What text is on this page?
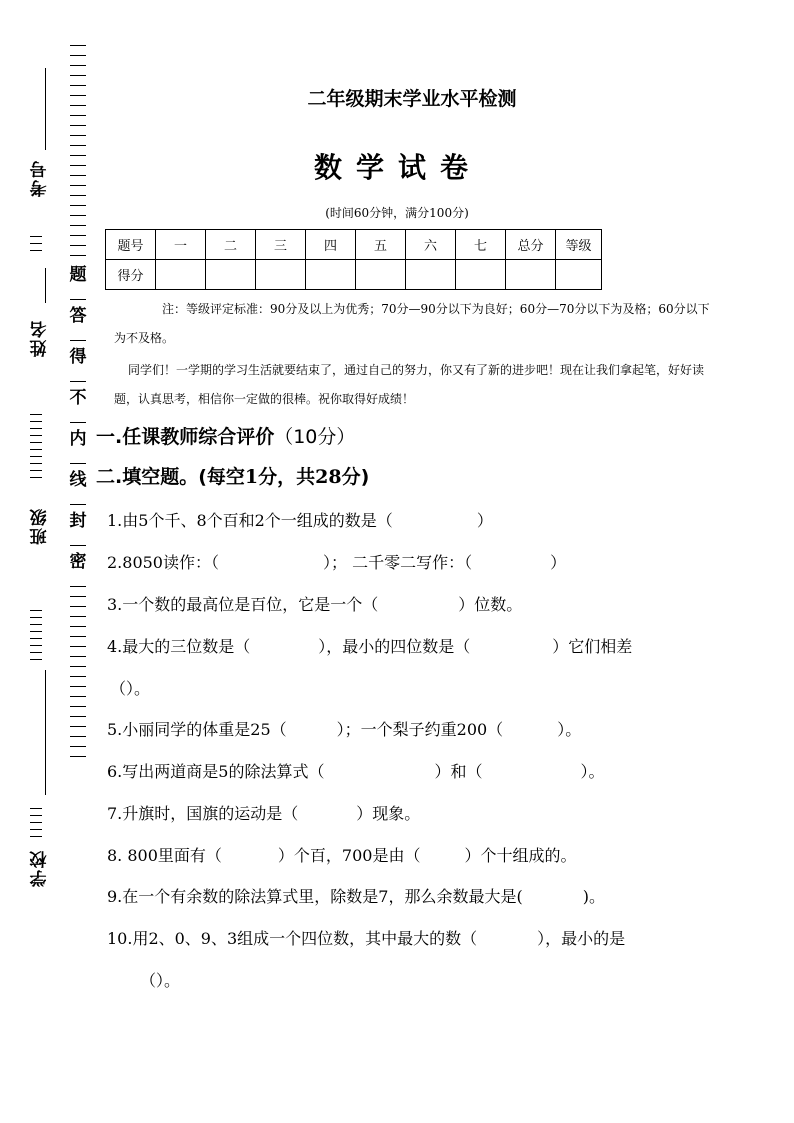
考
号
姓
名
班
级
学
校
题
答
得
不
内
线
封
密
二年级期末学业水平检测
数学试卷
(时间60分钟，满分100分)
题号	一	二	三	四	五	六	七	总分	等级
得分									
注：等级评定标准：90分及以上为优秀；70分—90分以下为良好；60分—70分以下为及格；60分以下为不及格。
同学们！一学期的学习生活就要结束了，通过自己的努力，你又有了新的进步吧！现在让我们拿起笔，好好读题，认真思考，相信你一定做的很棒。祝你取得好成绩！
一.任课教师综合评价（10分）
二.填空题。(每空1分，共28分)
1.由5个千、8个百和2个一组成的数是（	）
2.8050读作：（	）； 二千零二写作：（	）
3.一个数的最高位是百位，它是一个（	）位数。
4.最大的三位数是（	），最小的四位数是（	）它们相差
（）。
5.小丽同学的体重是25（	）；一个梨子约重200（	）。
6.写出两道商是5的除法算式（	）和（	）。
7.升旗时，国旗的运动是（	）现象。
8. 800里面有（	）个百，700是由（	）个十组成的。
9.在一个有余数的除法算式里，除数是7，那么余数最大是(	)。
10.用2、0、9、3组成一个四位数，其中最大的数（	），最小的是
（）。
